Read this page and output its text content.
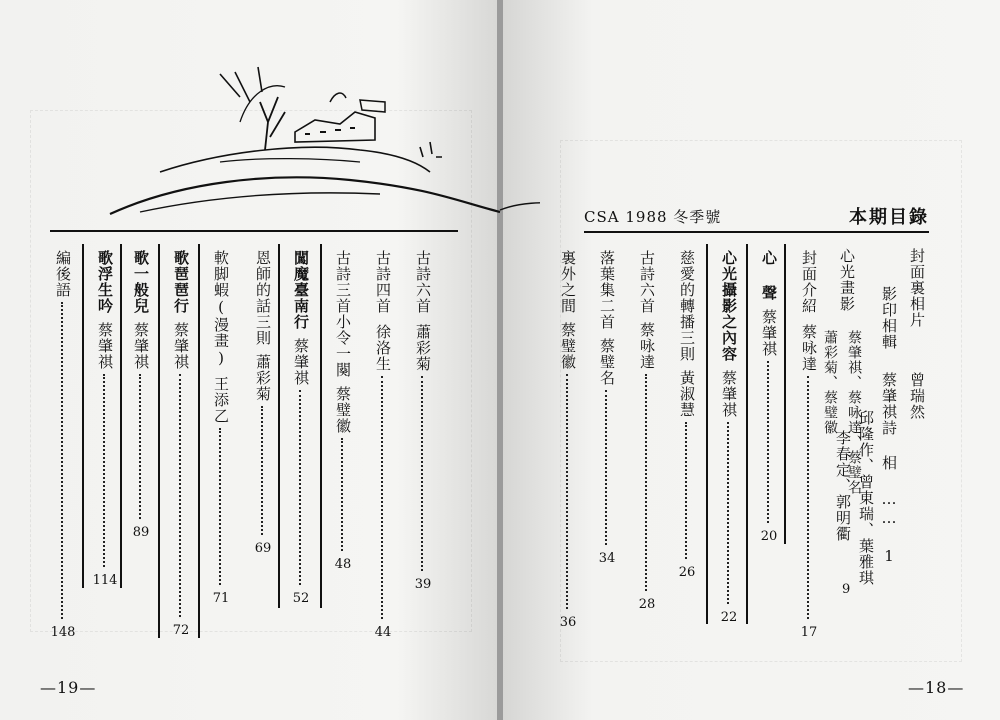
CSA 1988 冬季號	本期目錄
封面裏相片
曾瑞然
影印相輯
蔡肇祺詩
相 …… 1
邱隆作、曾東瑞、葉雅琪
李春定、郭明衢
心光畫影
蔡肇祺、蔡咏達、蔡璧名
蕭彩菊、蔡璧徽
9
封面介紹
蔡咏達
17
心 聲
蔡肇祺
20
心光攝影之內容
蔡肇祺
22
慈愛的轉播三則
黃淑慧
26
古詩六首
蔡咏達
28
落葉集二首
蔡璧名
34
裏外之間
蔡璧徽
36
古詩六首
蕭彩菊
39
古詩四首
徐洛生
44
古詩三首小令一闋
蔡璧徽
48
闖魔臺南行
蔡肇祺
52
恩師的話三則
蕭彩菊
69
軟脚蝦(漫畫)
王添乙
71
歌琶琶行
蔡肇祺
72
歌一般兒
蔡肇祺
89
歌浮生吟
蔡肇祺
114
編後語
148
—19—	—18—
